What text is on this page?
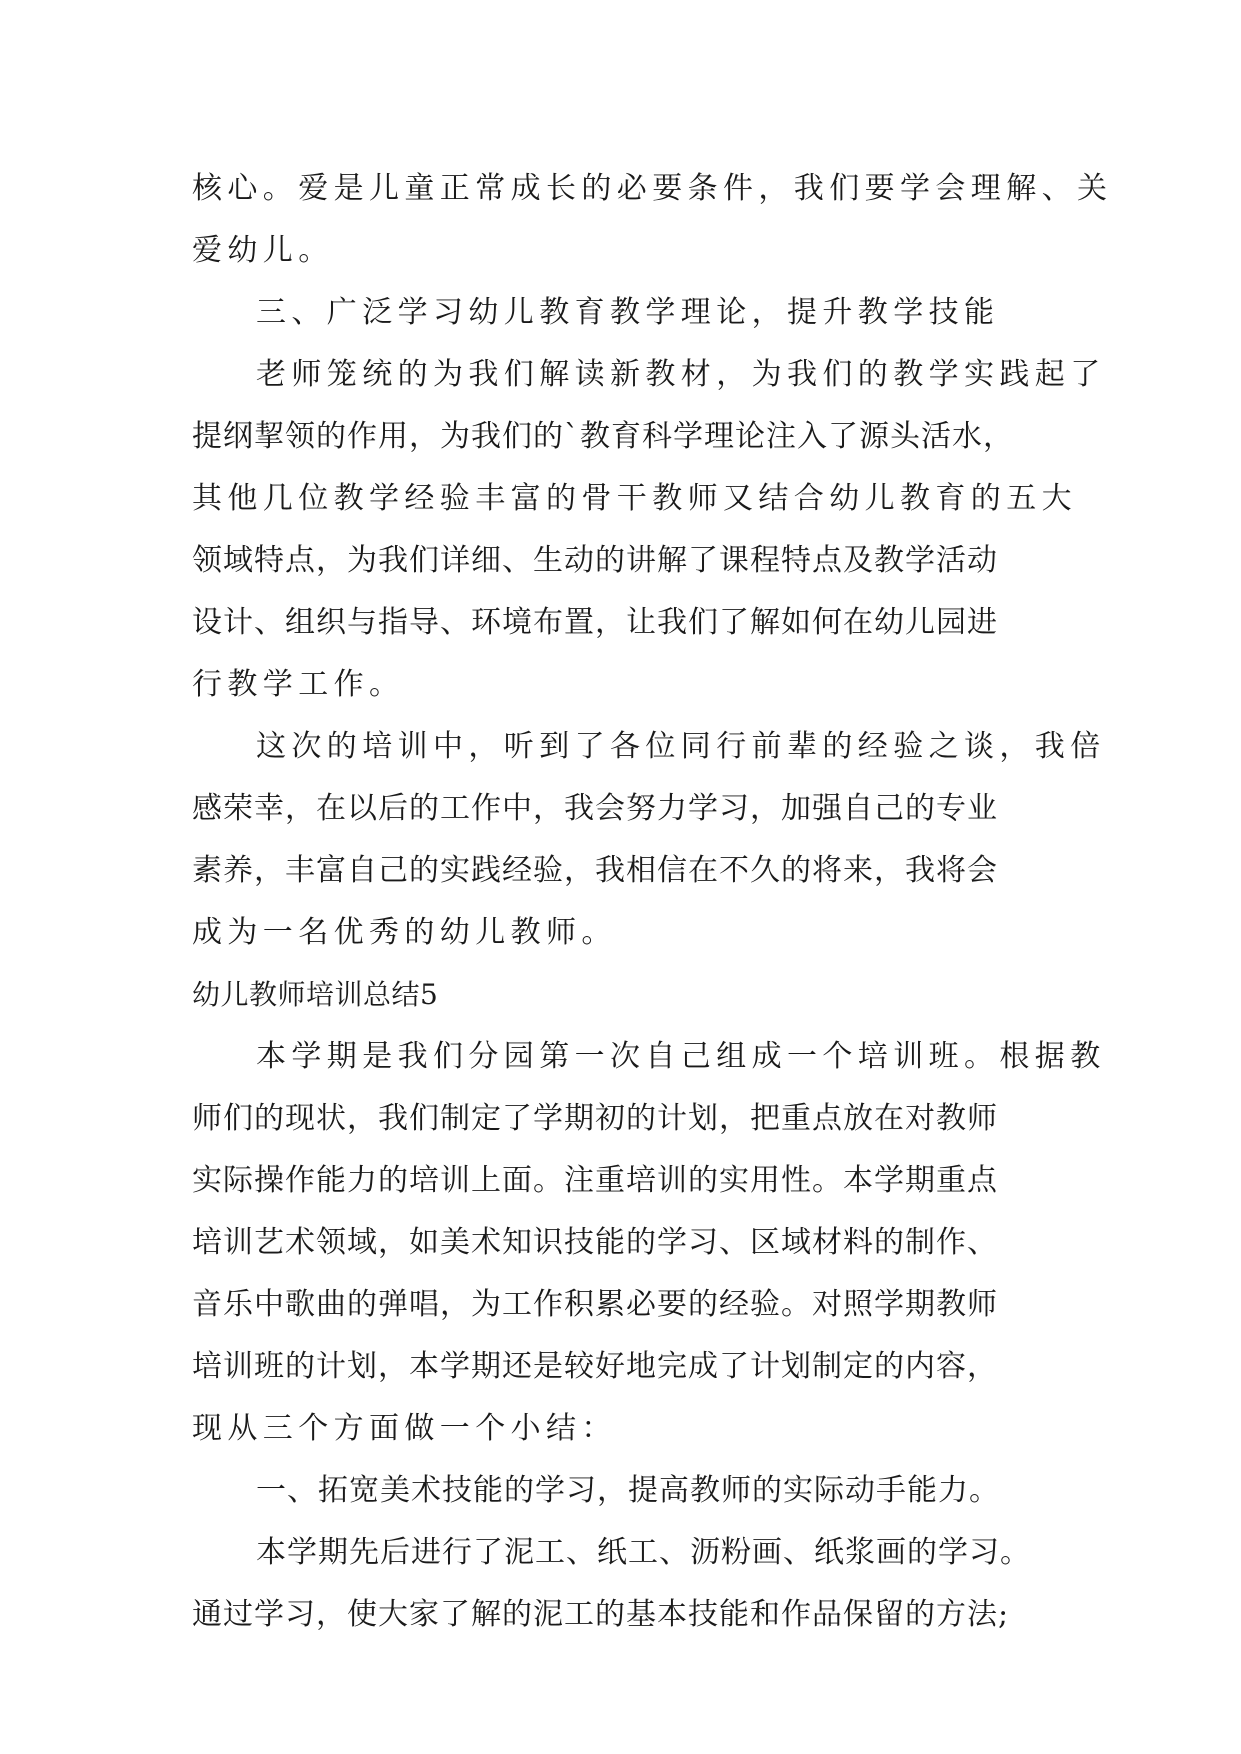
核心。爱是儿童正常成长的必要条件，我们要学会理解、关
爱幼儿。
三、广泛学习幼儿教育教学理论，提升教学技能
老师笼统的为我们解读新教材，为我们的教学实践起了
提纲挈领的作用，为我们的`教育科学理论注入了源头活水，
其他几位教学经验丰富的骨干教师又结合幼儿教育的五大
领域特点，为我们详细、生动的讲解了课程特点及教学活动
设计、组织与指导、环境布置，让我们了解如何在幼儿园进
行教学工作。
这次的培训中，听到了各位同行前辈的经验之谈，我倍
感荣幸，在以后的工作中，我会努力学习，加强自己的专业
素养，丰富自己的实践经验，我相信在不久的将来，我将会
成为一名优秀的幼儿教师。
幼儿教师培训总结5
本学期是我们分园第一次自己组成一个培训班。根据教
师们的现状，我们制定了学期初的计划，把重点放在对教师
实际操作能力的培训上面。注重培训的实用性。本学期重点
培训艺术领域，如美术知识技能的学习、区域材料的制作、
音乐中歌曲的弹唱，为工作积累必要的经验。对照学期教师
培训班的计划，本学期还是较好地完成了计划制定的内容，
现从三个方面做一个小结：
一、拓宽美术技能的学习，提高教师的实际动手能力。
本学期先后进行了泥工、纸工、沥粉画、纸浆画的学习。
通过学习，使大家了解的泥工的基本技能和作品保留的方法;
